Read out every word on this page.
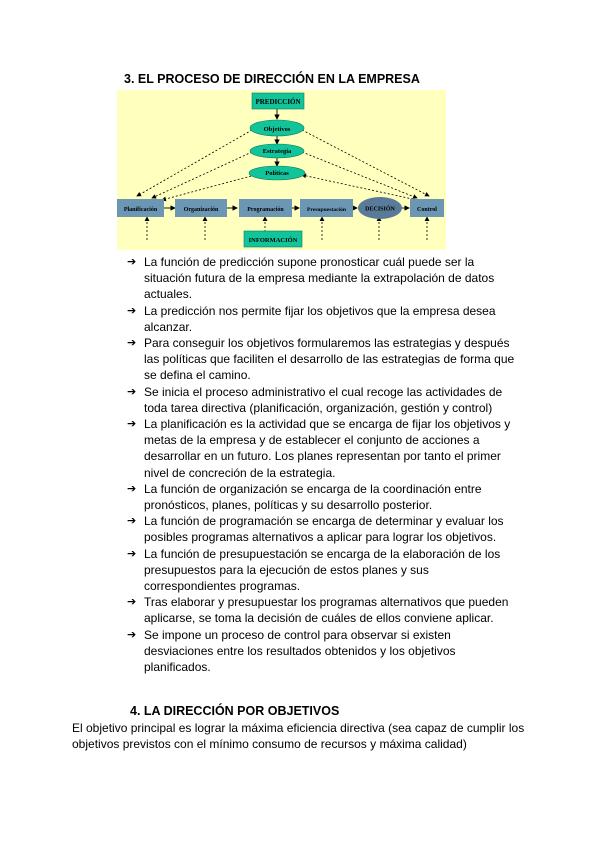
3. EL PROCESO DE DIRECCIÓN EN LA EMPRESA
PREDICCIÓN
Objetivos
Estrategia
Políticas
Planificación	Organización	Programación	Presupuestación	DECISIÓN	Control
INFORMACIÓN
➔ La función de predicción supone pronosticar cuál puede ser la situación futura de la empresa mediante la extrapolación de datos actuales.
➔ La predicción nos permite fijar los objetivos que la empresa desea alcanzar.
➔ Para conseguir los objetivos formularemos las estrategias y después las políticas que faciliten el desarrollo de las estrategias de forma que se defina el camino.
➔ Se inicia el proceso administrativo el cual recoge las actividades de toda tarea directiva (planificación, organización, gestión y control)
➔ La planificación es la actividad que se encarga de fijar los objetivos y metas de la empresa y de establecer el conjunto de acciones a desarrollar en un futuro. Los planes representan por tanto el primer nivel de concreción de la estrategia.
➔ La función de organización se encarga de la coordinación entre pronósticos, planes, políticas y su desarrollo posterior.
➔ La función de programación se encarga de determinar y evaluar los posibles programas alternativos a aplicar para lograr los objetivos.
➔ La función de presupuestación se encarga de la elaboración de los presupuestos para la ejecución de estos planes y sus correspondientes programas.
➔ Tras elaborar y presupuestar los programas alternativos que pueden aplicarse, se toma la decisión de cuáles de ellos conviene aplicar.
➔ Se impone un proceso de control para observar si existen desviaciones entre los resultados obtenidos y los objetivos planificados.
4. LA DIRECCIÓN POR OBJETIVOS

El objetivo principal es lograr la máxima eficiencia directiva (sea capaz de cumplir los objetivos previstos con el mínimo consumo de recursos y máxima calidad)
